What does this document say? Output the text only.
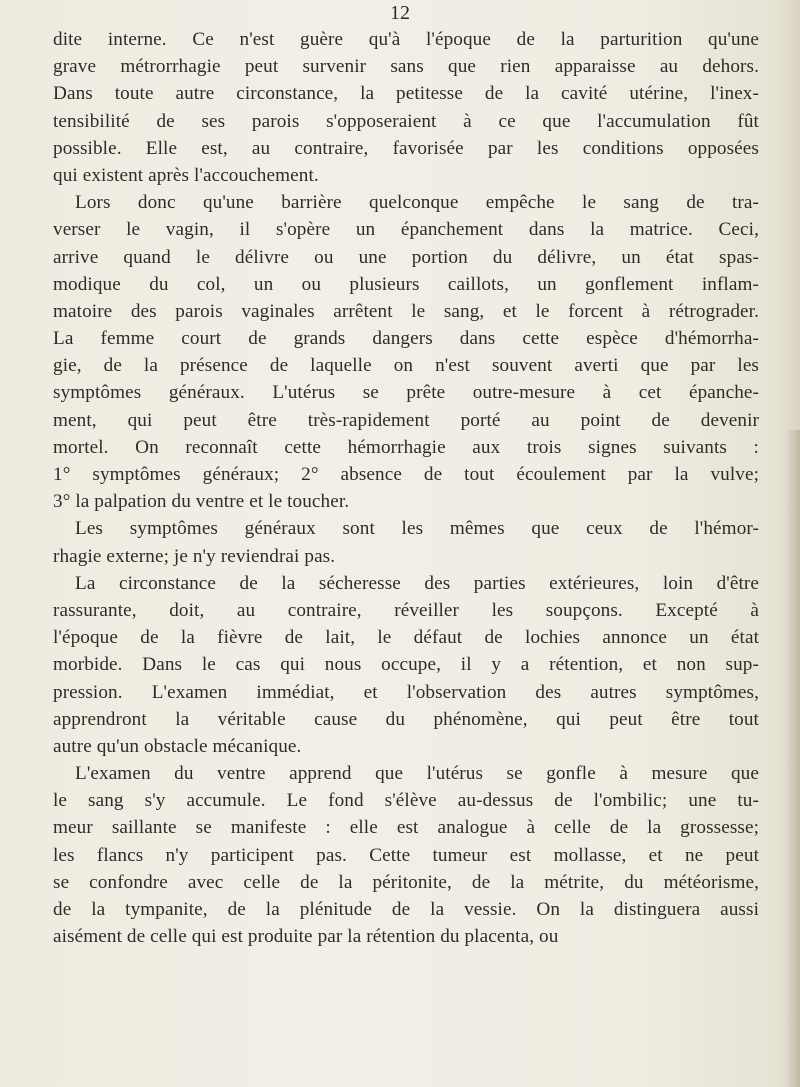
12
dite interne. Ce n'est guère qu'à l'époque de la parturition qu'une
grave métrorrhagie peut survenir sans que rien apparaisse au dehors.
Dans toute autre circonstance, la petitesse de la cavité utérine, l'inex-
tensibilité de ses parois s'opposeraient à ce que l'accumulation fût
possible. Elle est, au contraire, favorisée par les conditions opposées
qui existent après l'accouchement.
Lors donc qu'une barrière quelconque empêche le sang de tra-
verser le vagin, il s'opère un épanchement dans la matrice. Ceci,
arrive quand le délivre ou une portion du délivre, un état spas-
modique du col, un ou plusieurs caillots, un gonflement inflam-
matoire des parois vaginales arrêtent le sang, et le forcent à rétrograder.
La femme court de grands dangers dans cette espèce d'hémorrha-
gie, de la présence de laquelle on n'est souvent averti que par les
symptômes généraux. L'utérus se prête outre-mesure à cet épanche-
ment, qui peut être très-rapidement porté au point de devenir
mortel. On reconnaît cette hémorrhagie aux trois signes suivants :
1° symptômes généraux; 2° absence de tout écoulement par la vulve;
3° la palpation du ventre et le toucher.
Les symptômes généraux sont les mêmes que ceux de l'hémor-
rhagie externe; je n'y reviendrai pas.
La circonstance de la sécheresse des parties extérieures, loin d'être
rassurante, doit, au contraire, réveiller les soupçons. Excepté à
l'époque de la fièvre de lait, le défaut de lochies annonce un état
morbide. Dans le cas qui nous occupe, il y a rétention, et non sup-
pression. L'examen immédiat, et l'observation des autres symptômes,
apprendront la véritable cause du phénomène, qui peut être tout
autre qu'un obstacle mécanique.
L'examen du ventre apprend que l'utérus se gonfle à mesure que
le sang s'y accumule. Le fond s'élève au-dessus de l'ombilic; une tu-
meur saillante se manifeste : elle est analogue à celle de la grossesse;
les flancs n'y participent pas. Cette tumeur est mollasse, et ne peut
se confondre avec celle de la péritonite, de la métrite, du météorisme,
de la tympanite, de la plénitude de la vessie. On la distinguera aussi
aisément de celle qui est produite par la rétention du placenta, ou
